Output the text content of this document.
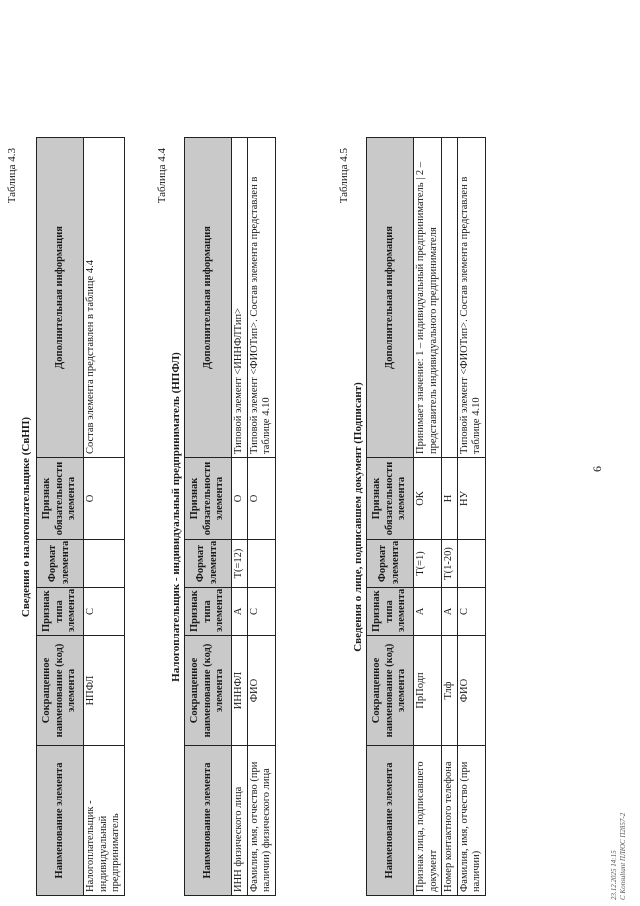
6
Таблица 4.3
Сведения о налогоплательщике (СвНП)
Наименование элемента	Сокращенное наименование (код) элемента	Признак типа элемента	Формат элемента	Признак обязательности элемента	Дополнительная информация
Налогоплательщик - индивидуальный предприниматель	НПФЛ	С		О	Состав элемента представлен в таблице 4.4
Таблица 4.4
Налогоплательщик - индивидуальный предприниматель (НПФЛ)
Наименование элемента	Сокращенное наименование (код) элемента	Признак типа элемента	Формат элемента	Признак обязательности элемента	Дополнительная информация
ИНН физического лица	ИННФЛ	А	T(=12)	О	Типовой элемент <ИННФЛТип>
Фамилия, имя, отчество (при наличии) физического лица	ФИО	С		О	Типовой элемент <ФИОТип>. Состав элемента представлен в таблице 4.10
Таблица 4.5
Сведения о лице, подписавшем документ (Подписант)
Наименование элемента	Сокращенное наименование (код) элемента	Признак типа элемента	Формат элемента	Признак обязательности элемента	Дополнительная информация
Признак лица, подписавшего документ	ПрПодп	А	T(=1)	ОК	Принимает значение: 1 – индивидуальный предприниматель | 2 – представитель индивидуального предпринимателя
Номер контактного телефона	Тлф	А	T(1-20)	Н	
Фамилия, имя, отчество (при наличии)	ФИО	С		НУ	Типовой элемент <ФИОТип>. Состав элемента представлен в таблице 4.10
23.12.2025 14:15 С Konsultant ПЛЮС П2857-2
